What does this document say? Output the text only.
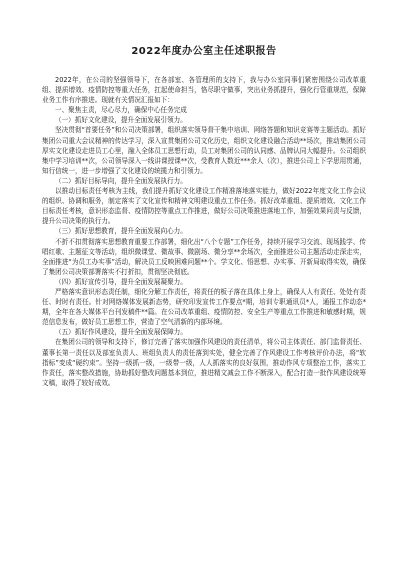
2022年度办公室主任述职报告

2022年，在公司的坚强领导下，在各部室、各管理所的支持下，我与办公室同事们紧密围绕公司改革重组、提质增效、疫情防控等重大任务，扛起使命担当，恪尽职守做事，突出业务抓提升，强化行管重规范，保障业务工作有序推进。现就有关情况汇报如下：

一、聚焦主责，尽心尽力，确保中心任务完成

（一）抓好文化建设，提升全面发展引领力。

坚决贯彻“首要任务”和公司决策部署，组织落实领导督干集中培训、网络答题和知识竞赛等主题活动。抓好集团公司重大会议精神的传达学习，深入宣贯集团公司文化历史，组织文化建设融合活动**场次，推动集团公司厚实文化建设走进员工心里，融入全体员工思想行动，员工对集团公司的认同感、品牌认同大幅提升。公司组织集中学习培训**次，公司领导深入一线讲课授课**次，受教育人数近***余人（次），推进公司上下学思用贯通，知行信统一，进一步增强了文化建设的统揽力和引领力。

（二）抓好目标导向，提升全面发展执行力。

以推动目标责任考核为主线，我们提升抓好文化建设工作精准落地落实能力，做好2022年度文化工作会议的组织、协调和服务，制定落实了文化宣传和精神文明建设重点工作任务。抓好改革重组、提质增效、文化工作目标责任考核，意识形态监督、疫情防控等重点工作推进，做好公司决策推进落地工作，加强效果问责与反馈，提升公司决策的执行力。

（三）抓好思想教育，提升全面发展向心力。

不折不扣贯彻落实思想教育重要工作部署，细化出“八个专题”工作任务，持续开展学习交流、现场践学、传唱红歌、主题征文等活动，组织微课堂、微故事、微剧场、微分享**余场次，全面推进公司主题活动走深走实，全面推进“为员工办实事”活动，解决员工反映困难问题**个。学文化、悟思想、办实事、开新局取得实效，确保了集团公司决策部署落实不打折扣，贯彻坚决彻底。

（四）抓好宣传引导，提升全面发展凝聚力。

严格落实意识形态责任制，细化分解工作责任，将责任的板子落在具体上身上，确保人人有责任、处处有责任、时时有责任。针对网络媒体发展新态势，研究印发宣传工作要点*期，培训专职通讯员*人，通报工作动态*期，全年在各大媒体平台刊发稿件**篇。在公司改革重组、疫情防控、安全生产等重点工作推进和敏感时期，规范信息发布，做好员工思想工作，营造了空气清新的内部环境。

（五）抓好作风建设，提升全面发展保障力。

在集团公司的领导和支持下，修订完善了落实加强作风建设的责任清单，将公司主体责任、部门监督责任、董事长第一责任以及部室负责人、班组负责人的责任落到实处，健全完善了作风建设工作考核评价办法，将“软指标”变成“硬约束”。坚持一级抓一级，一级带一级，人人抓落实的良好氛围，推动作风专项整治工作，落实工作责任，落实整改措施，协助抓好整改问题基本到位，推进精文减会工作不断深入，配合打造一批作风建设统筹文稿，取得了较好成效。
